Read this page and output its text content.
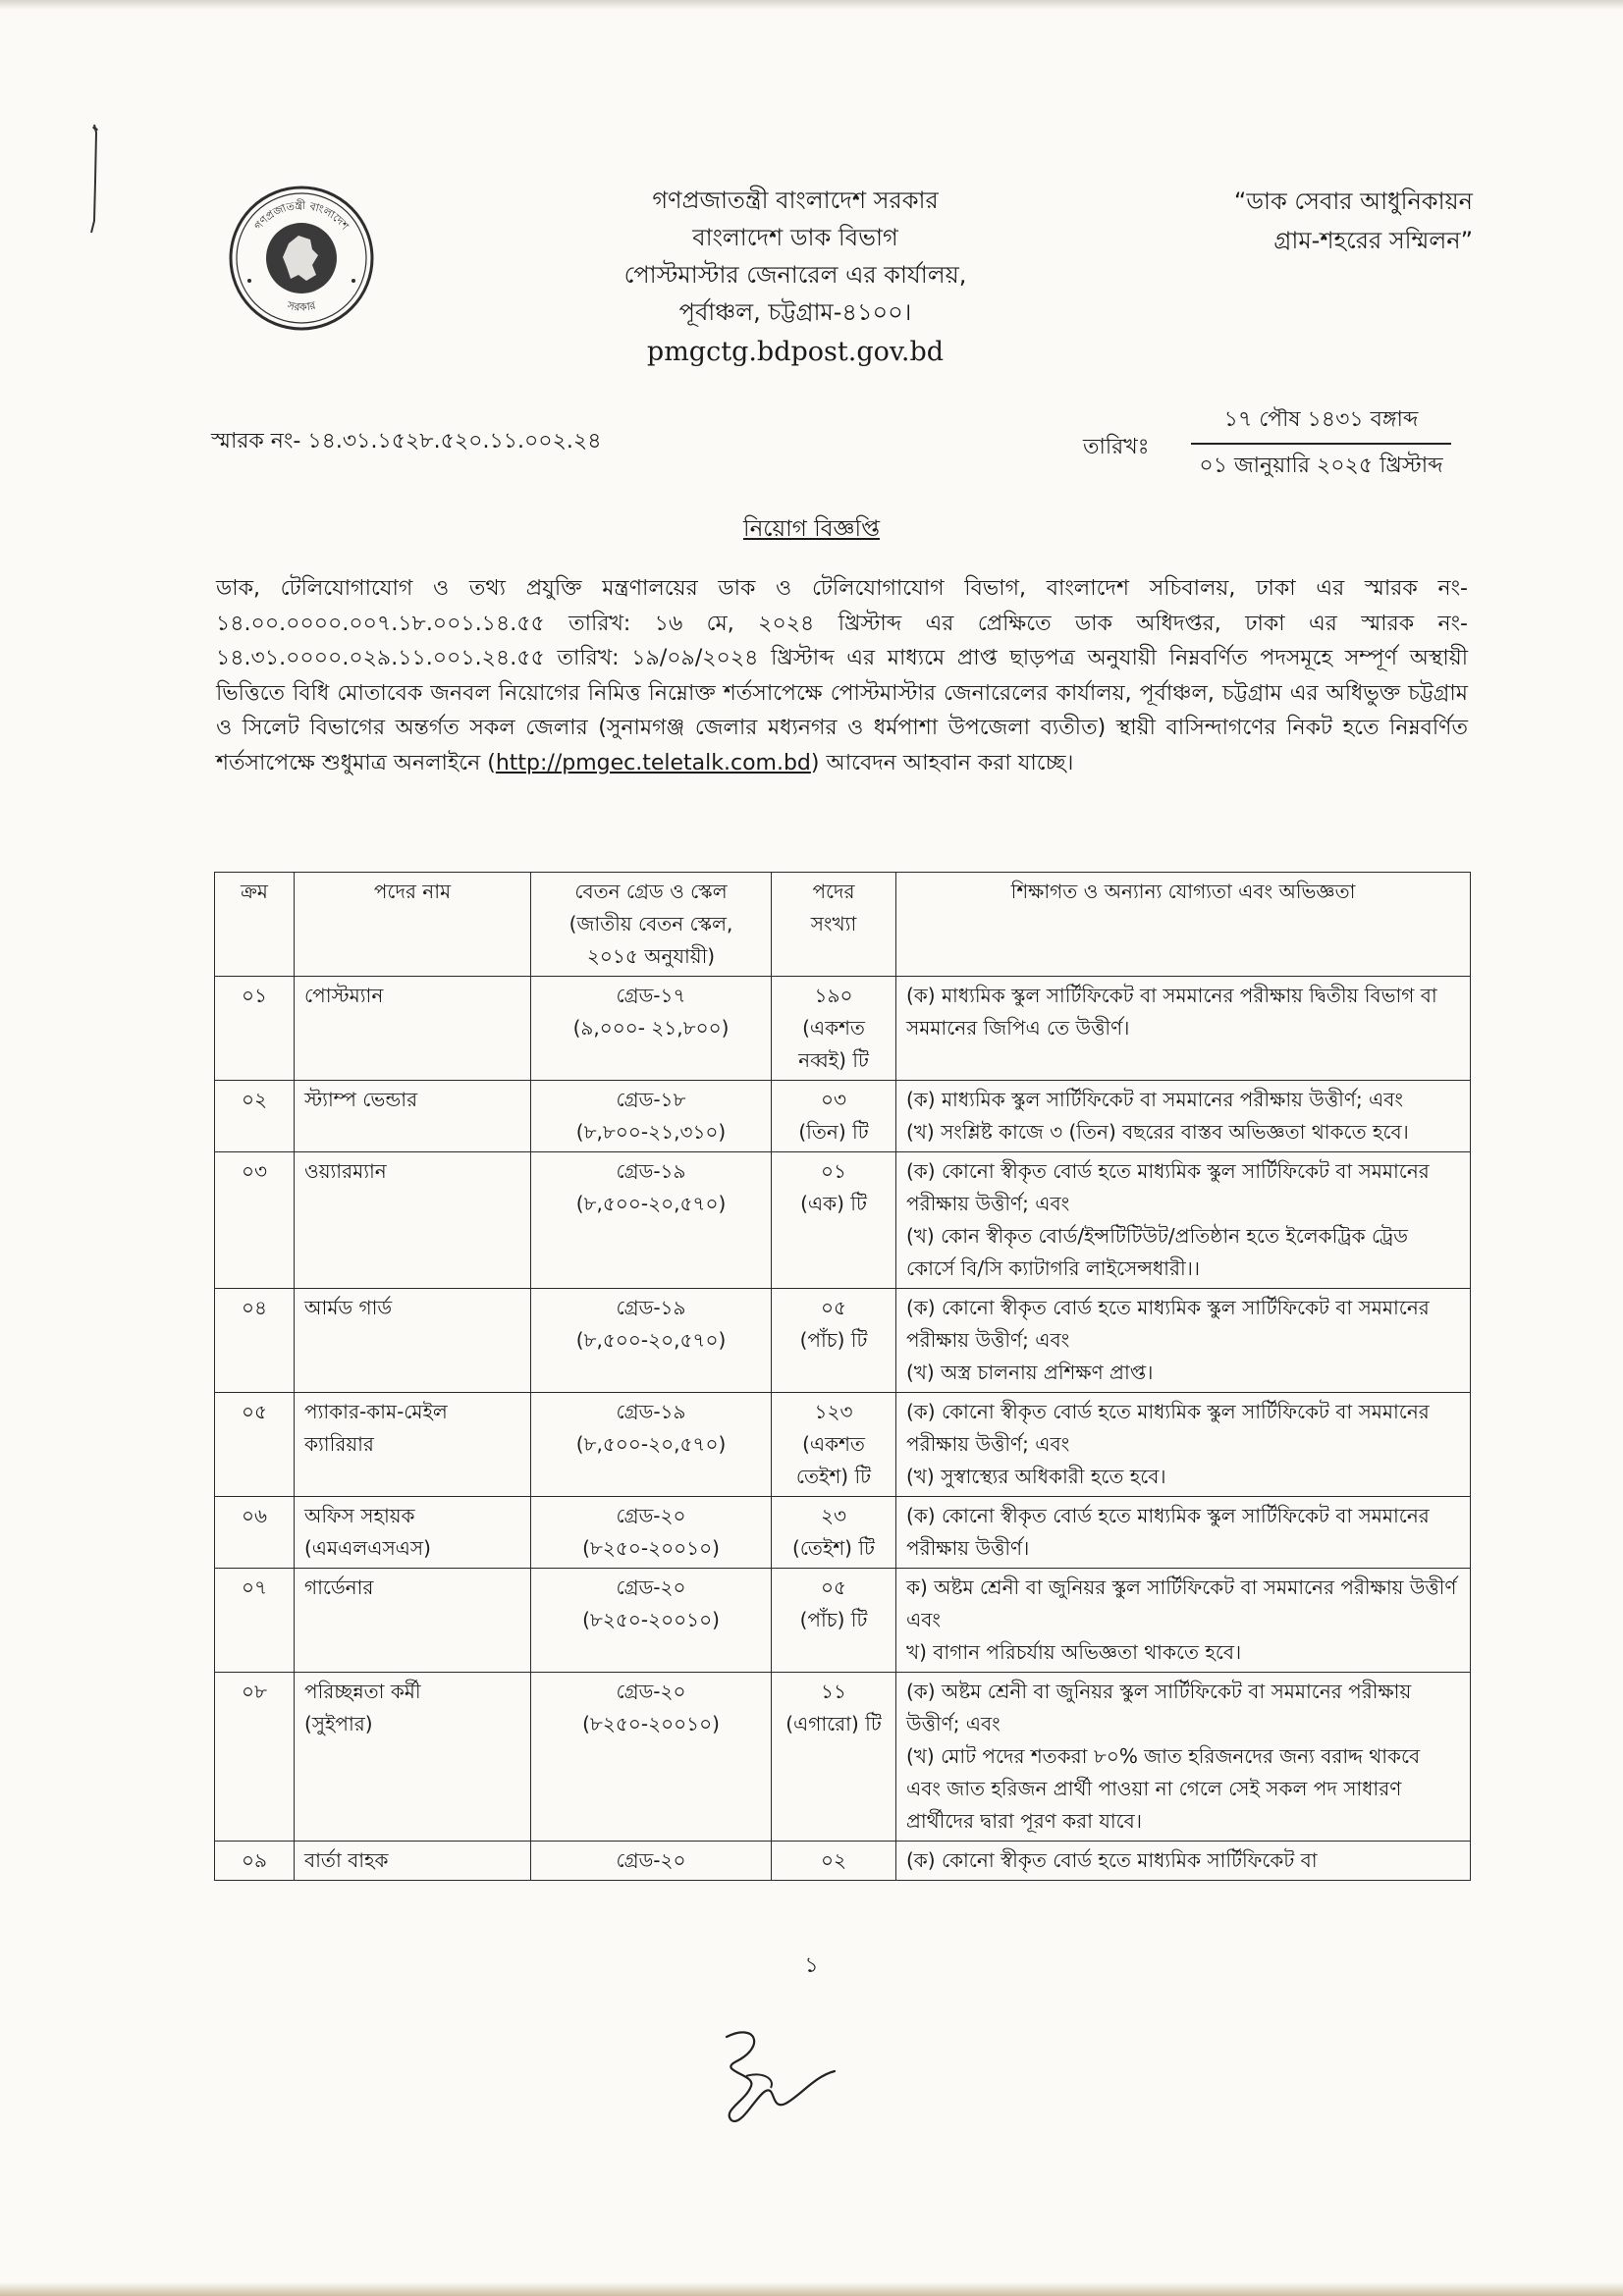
গণপ্রজাতন্ত্রী বাংলাদেশ
সরকার
গণপ্রজাতন্ত্রী বাংলাদেশ সরকার
বাংলাদেশ ডাক বিভাগ
পোস্টমাস্টার জেনারেল এর কার্যালয়,
পূর্বাঞ্চল, চট্টগ্রাম-৪১০০।
pmgctg.bdpost.gov.bd
“ডাক সেবার আধুনিকায়ন
গ্রাম-শহরের সম্মিলন”
স্মারক নং- ১৪.৩১.১৫২৮.৫২০.১১.০০২.২৪	তারিখঃ
১৭ পৌষ ১৪৩১ বঙ্গাব্দ
০১ জানুয়ারি ২০২৫ খ্রিস্টাব্দ
নিয়োগ বিজ্ঞপ্তি
ডাক, টেলিযোগাযোগ ও তথ্য প্রযুক্তি মন্ত্রণালয়ের ডাক ও টেলিযোগাযোগ বিভাগ, বাংলাদেশ সচিবালয়, ঢাকা এর স্মারক নং- ১৪.০০.০০০০.০০৭.১৮.০০১.১৪.৫৫ তারিখ: ১৬ মে, ২০২৪ খ্রিস্টাব্দ এর প্রেক্ষিতে ডাক অধিদপ্তর, ঢাকা এর স্মারক নং- ১৪.৩১.০০০০.০২৯.১১.০০১.২৪.৫৫ তারিখ: ১৯/০৯/২০২৪ খ্রিস্টাব্দ এর মাধ্যমে প্রাপ্ত ছাড়পত্র অনুযায়ী নিম্নবর্ণিত পদসমূহে সম্পূর্ণ অস্থায়ী ভিত্তিতে বিধি মোতাবেক জনবল নিয়োগের নিমিত্ত নিম্নোক্ত শর্তসাপেক্ষে পোস্টমাস্টার জেনারেলের কার্যালয়, পূর্বাঞ্চল, চট্টগ্রাম এর অধিভুক্ত চট্টগ্রাম ও সিলেট বিভাগের অন্তর্গত সকল জেলার (সুনামগঞ্জ জেলার মধ্যনগর ও ধর্মপাশা উপজেলা ব্যতীত) স্থায়ী বাসিন্দাগণের নিকট হতে নিম্নবর্ণিত শর্তসাপেক্ষে শুধুমাত্র অনলাইনে (http://pmgec.teletalk.com.bd) আবেদন আহবান করা যাচ্ছে।
ক্রম	পদের নাম	বেতন গ্রেড ও স্কেল
(জাতীয় বেতন স্কেল,
২০১৫ অনুযায়ী)	পদের
সংখ্যা	শিক্ষাগত ও অন্যান্য যোগ্যতা এবং অভিজ্ঞতা

০১	পোস্টম্যান	গ্রেড-১৭
(৯,০০০- ২১,৮০০)	১৯০
(একশত
নব্বই) টি	(ক) মাধ্যমিক স্কুল সার্টিফিকেট বা সমমানের পরীক্ষায় দ্বিতীয় বিভাগ বা সমমানের জিপিএ তে উত্তীর্ণ।

০২	স্ট্যাম্প ভেন্ডার	গ্রেড-১৮
(৮,৮০০-২১,৩১০)	০৩
(তিন) টি	(ক) মাধ্যমিক স্কুল সার্টিফিকেট বা সমমানের পরীক্ষায় উত্তীর্ণ; এবং
(খ) সংশ্লিষ্ট কাজে ৩ (তিন) বছরের বাস্তব অভিজ্ঞতা থাকতে হবে।

০৩	ওয়্যারম্যান	গ্রেড-১৯
(৮,৫০০-২০,৫৭০)	০১
(এক) টি	(ক) কোনো স্বীকৃত বোর্ড হতে মাধ্যমিক স্কুল সার্টিফিকেট বা সমমানের পরীক্ষায় উত্তীর্ণ; এবং
(খ) কোন স্বীকৃত বোর্ড/ইন্সটিটিউট/প্রতিষ্ঠান হতে ইলেকট্রিক ট্রেড কোর্সে বি/সি ক্যাটাগরি লাইসেন্সধারী।।

০৪	আর্মড গার্ড	গ্রেড-১৯
(৮,৫০০-২০,৫৭০)	০৫
(পাঁচ) টি	(ক) কোনো স্বীকৃত বোর্ড হতে মাধ্যমিক স্কুল সার্টিফিকেট বা সমমানের পরীক্ষায় উত্তীর্ণ; এবং
(খ) অস্ত্র চালনায় প্রশিক্ষণ প্রাপ্ত।

০৫	প্যাকার-কাম-মেইল
ক্যারিয়ার	গ্রেড-১৯
(৮,৫০০-২০,৫৭০)	১২৩
(একশত
তেইশ) টি	(ক) কোনো স্বীকৃত বোর্ড হতে মাধ্যমিক স্কুল সার্টিফিকেট বা সমমানের পরীক্ষায় উত্তীর্ণ; এবং
(খ) সুস্বাস্থ্যের অধিকারী হতে হবে।

০৬	অফিস সহায়ক
(এমএলএসএস)	গ্রেড-২০
(৮২৫০-২০০১০)	২৩
(তেইশ) টি	(ক) কোনো স্বীকৃত বোর্ড হতে মাধ্যমিক স্কুল সার্টিফিকেট বা সমমানের পরীক্ষায় উত্তীর্ণ।

০৭	গার্ডেনার	গ্রেড-২০
(৮২৫০-২০০১০)	০৫
(পাঁচ) টি	ক) অষ্টম শ্রেনী বা জুনিয়র স্কুল সার্টিফিকেট বা সমমানের পরীক্ষায় উত্তীর্ণ এবং
খ) বাগান পরিচর্যায় অভিজ্ঞতা থাকতে হবে।

০৮	পরিচ্ছন্নতা কর্মী
(সুইপার)	গ্রেড-২০
(৮২৫০-২০০১০)	১১
(এগারো) টি	(ক) অষ্টম শ্রেনী বা জুনিয়র স্কুল সার্টিফিকেট বা সমমানের পরীক্ষায় উত্তীর্ণ; এবং
(খ) মোট পদের শতকরা ৮০% জাত হরিজনদের জন্য বরাদ্দ থাকবে এবং জাত হরিজন প্রার্থী পাওয়া না গেলে সেই সকল পদ সাধারণ প্রার্থীদের দ্বারা পূরণ করা যাবে।

০৯	বার্তা বাহক	গ্রেড-২০	০২	(ক) কোনো স্বীকৃত বোর্ড হতে মাধ্যমিক সার্টিফিকেট বা
১
